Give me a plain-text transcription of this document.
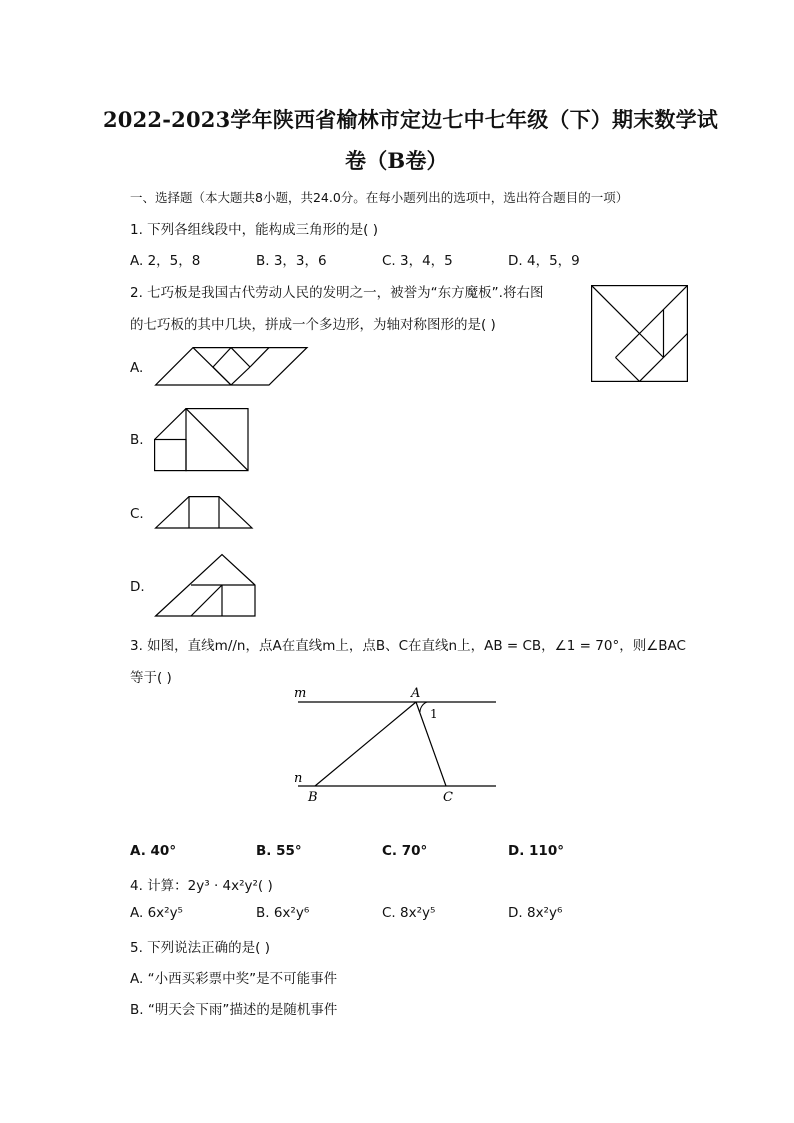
2022-2023学年陕西省榆林市定边七中七年级（下）期末数学试
卷（B卷）
一、选择题（本大题共8小题，共24.0分。在每小题列出的选项中，选出符合题目的一项）
1. 下列各组线段中，能构成三角形的是( )
A. 2，5，8	B. 3，3，6	C. 3，4，5	D. 4，5，9
2. 七巧板是我国古代劳动人民的发明之一，被誉为“东方魔板”.将右图
的七巧板的其中几块，拼成一个多边形，为轴对称图形的是( )
A.
B.
C.
D.
3. 如图，直线m//n，点A在直线m上，点B、C在直线n上，AB = CB，∠1 = 70°，则∠BAC
等于( )
m	A
1
n
B	C
A. 40°	B. 55°	C. 70°	D. 110°
4. 计算：2y³ · 4x²y²( )
A. 6x²y⁵	B. 6x²y⁶	C. 8x²y⁵	D. 8x²y⁶
5. 下列说法正确的是( )
A. “小西买彩票中奖”是不可能事件
B. “明天会下雨”描述的是随机事件
